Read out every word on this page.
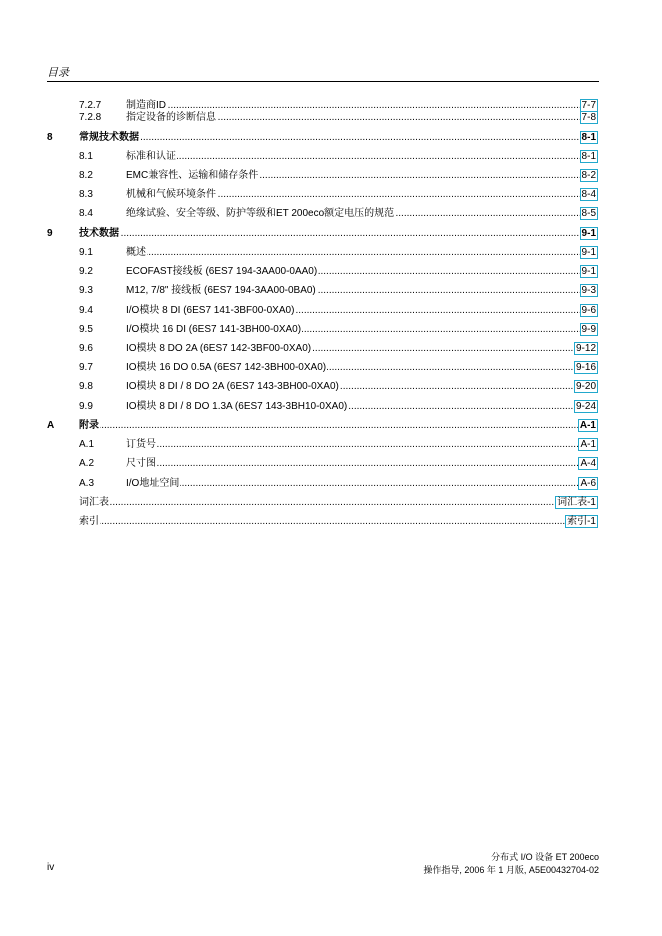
目录
7.2.7 ..... 制造商ID	7-7
7.2.8 ..... 指定设备的诊断信息	7-8
8 .....	常规技术数据	8-1
8.1 .....	标准和认证	8-1
8.2 .....	EMC兼容性、运输和储存条件	8-2
8.3 .....	机械和气候环境条件	8-4
8.4 .....	绝缘试验、安全等级、防护等级和ET 200eco额定电压的规范	8-5
9 .....	技术数据	9-1
9.1 .....	概述	9-1
9.2 .....	ECOFAST接线板 (6ES7 194-3AA00-0AA0)	9-1
9.3 .....	M12, 7/8" 接线板 (6ES7 194-3AA00-0BA0)	9-3
9.4 .....	I/O模块 8 DI (6ES7 141-3BF00-0XA0)	9-6
9.5 .....	I/O模块 16 DI (6ES7 141-3BH00-0XA0)	9-9
9.6 .....	IO模块 8 DO 2A (6ES7 142-3BF00-0XA0)	9-12
9.7 .....	IO模块 16 DO 0.5A (6ES7 142-3BH00-0XA0)	9-16
9.8 .....	IO模块 8 DI / 8 DO 2A (6ES7 143-3BH00-0XA0)	9-20
9.9 .....	IO模块 8 DI / 8 DO 1.3A (6ES7 143-3BH10-0XA0)	9-24
A ..... 附录	A-1
A.1 .....	订货号	A-1
A.2 .....	尺寸图	A-4
A.3 .....	I/O地址空间	A-6
.....
词汇表	词汇表-1
.....
索引	索引-1
iv
分布式 I/O 设备 ET 200eco
操作指导, 2006 年 1 月版, A5E00432704-02
